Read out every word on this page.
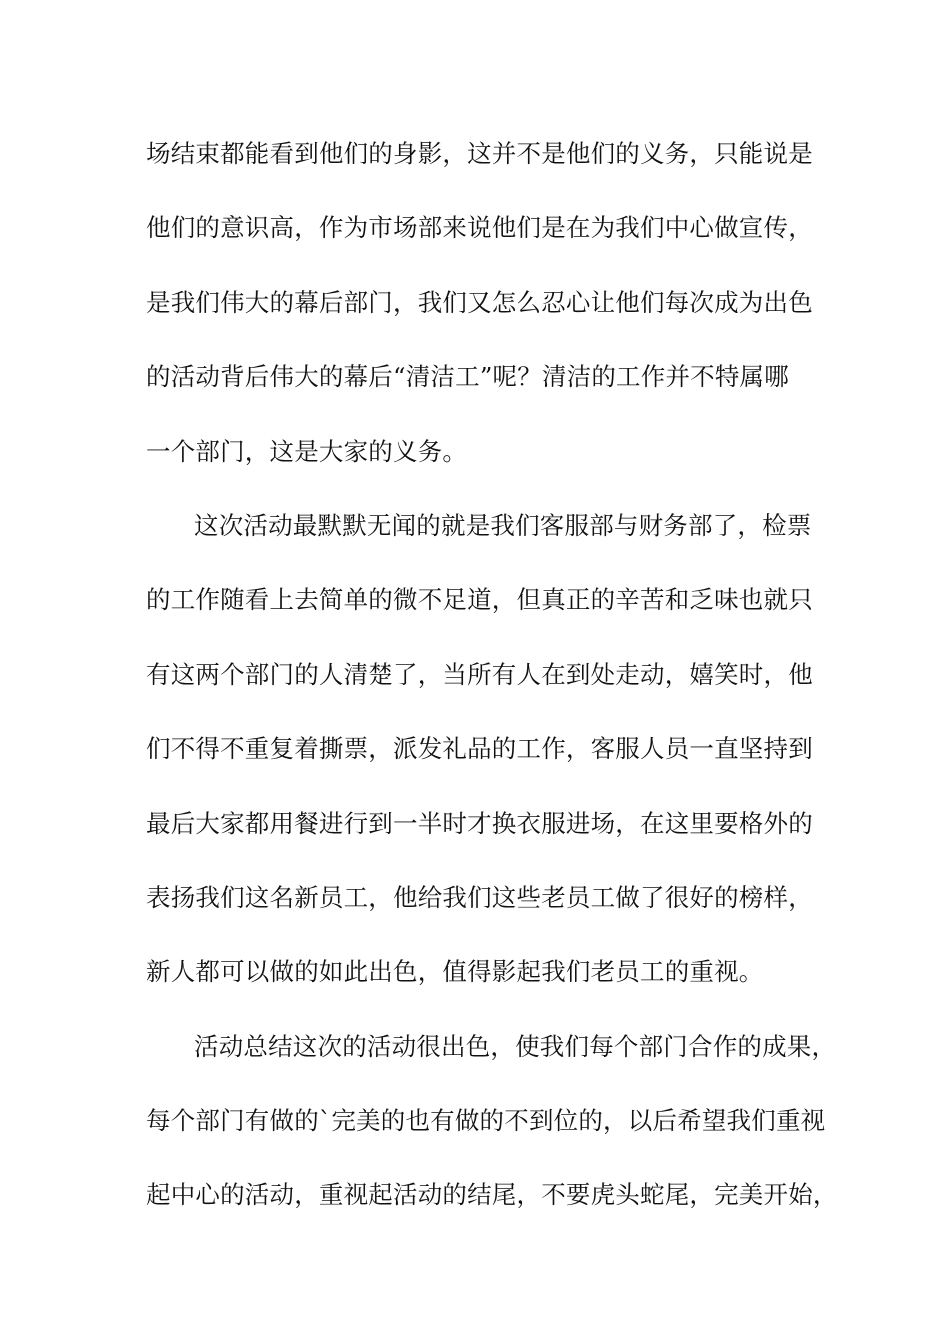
场结束都能看到他们的身影，这并不是他们的义务，只能说是
他们的意识高，作为市场部来说他们是在为我们中心做宣传，
是我们伟大的幕后部门，我们又怎么忍心让他们每次成为出色
的活动背后伟大的幕后“清洁工”呢？清洁的工作并不特属哪
一个部门，这是大家的义务。
这次活动最默默无闻的就是我们客服部与财务部了，检票
的工作随看上去简单的微不足道，但真正的辛苦和乏味也就只
有这两个部门的人清楚了，当所有人在到处走动，嬉笑时，他
们不得不重复着撕票，派发礼品的工作，客服人员一直坚持到
最后大家都用餐进行到一半时才换衣服进场，在这里要格外的
表扬我们这名新员工，他给我们这些老员工做了很好的榜样，
新人都可以做的如此出色，值得影起我们老员工的重视。
活动总结这次的活动很出色，使我们每个部门合作的成果，
每个部门有做的`完美的也有做的不到位的，以后希望我们重视
起中心的活动，重视起活动的结尾，不要虎头蛇尾，完美开始，
